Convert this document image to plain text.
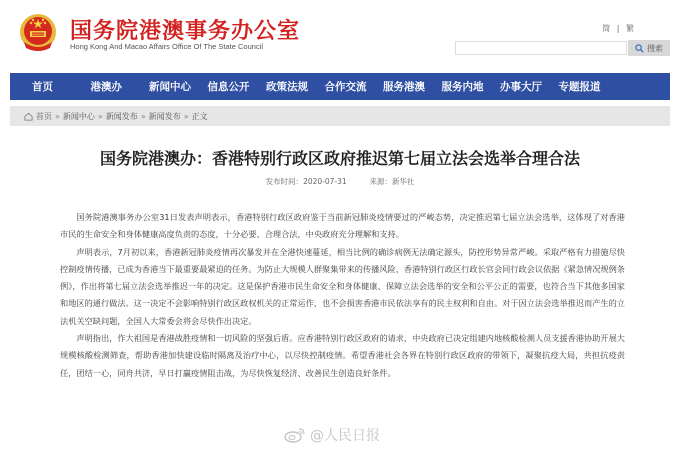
国务院港澳事务办公室
Hong Kong And Macao Affairs Office Of The State Council
简 | 繁
搜索
首页	港澳办	新闻中心	信息公开	政策法规	合作交流	服务港澳	服务内地	办事大厅	专题报道
首页 » 新闻中心 » 新闻发布 » 新闻发布 » 正文
国务院港澳办：香港特别行政区政府推迟第七届立法会选举合理合法
发布时间：2020-07-31	来源：新华社

国务院港澳事务办公室31日发表声明表示，香港特别行政区政府鉴于当前新冠肺炎疫情要过的严峻态势，决定推迟第七届立法会选举，这体现了对香港市民的生命安全和身体健康高度负责的态度，十分必要、合理合法，中央政府充分理解和支持。

声明表示，7月初以来，香港新冠肺炎疫情再次暴发并在全港快速蔓延，相当比例的确诊病例无法确定源头，防控形势异常严峻。采取严格有力措施尽快控制疫情传播，已成为香港当下最重要最紧迫的任务。为防止大规模人群聚集带来的传播风险，香港特别行政区行政长官会同行政会议依据《紧急情况规例条例》，作出将第七届立法会选举推迟一年的决定。这是保护香港市民生命安全和身体健康、保障立法会选举的安全和公平公正的需要，也符合当下其他多国家和地区的通行做法。这一决定不会影响特别行政区政权机关的正常运作，也不会损害香港市民依法享有的民主权利和自由。对于因立法会选举推迟而产生的立法机关空缺问题，全国人大常委会将会尽快作出决定。

声明指出，作大祖国是香港战胜疫情和一切风险的坚强后盾。应香港特别行政区政府的请求，中央政府已决定组建内地核酸检测人员支援香港协助开展大规模核酸检测筛查，帮助香港加快建设临时隔离及治疗中心，以尽快控制疫情。希望香港社会各界在特别行政区政府的带领下，凝聚抗疫大局，共担抗疫责任，团结一心，同舟共济，早日打赢疫情阻击战，为尽快恢复经济、改善民生创造良好条件。

@人民日报
